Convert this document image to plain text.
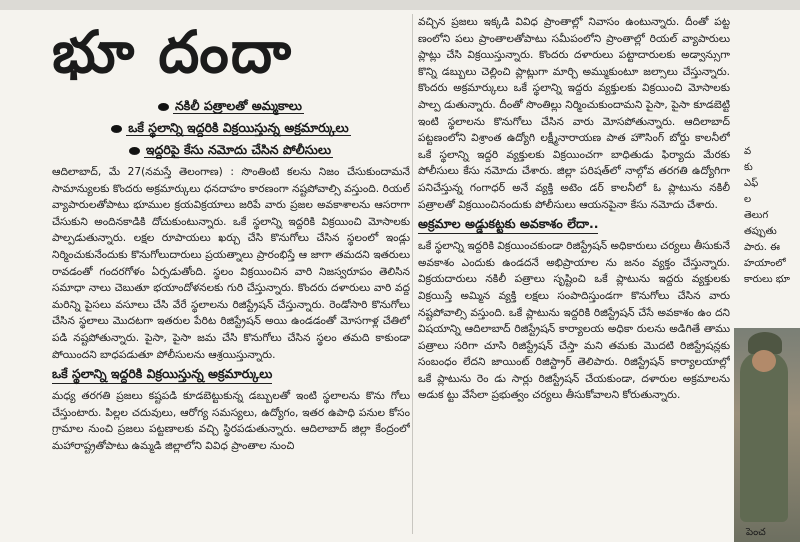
భూ దందా
నకిలీ పత్రాలతో అమ్మకాలు
ఒకే స్థలాన్ని ఇద్దరికి విక్రయిస్తున్న అక్రమార్కులు
ఇద్దరిపై కేసు నమోదు చేసిన పోలీసులు

ఆదిలాబాద్‌, మే 27(నమస్తే తెలంగాణ) : సొంతింటి కలను నిజం చేసుకుందామనే సామాన్యులకు కొందరు అక్రమార్కులు ధనదాహం కారణంగా నష్టపోవాల్సి వస్తుంది. రియల్‌ వ్యాపారులతోపాటు భూముల క్రయవిక్రయాలు జరిపే వారు ప్రజల అవకాశాలను ఆసరాగా చేసుకుని అందినకాడికి దోచుకుంటున్నారు. ఒకే స్థలాన్ని ఇద్దరికి విక్రయించి మోసాలకు పాల్పడుతున్నారు. లక్షల రూపాయలు ఖర్చు చేసి కొనుగోలు చేసిన స్థలంలో ఇండ్లు నిర్మించుకునేందుకు కొనుగోలుదారులు ప్రయత్నాలు ప్రారంభిస్తే ఆ జాగా తమదని ఇతరులు రావడంతో గందరగోళం ఏర్పడుతోంది. స్థలం విక్రయించిన వారి నిజస్వరూపం తెలిసిన సమాధా నాలు చెబుతూ భయాందోళనలకు గురి చేస్తున్నారు. కొందరు దళారులు వారి వద్ద మరిన్ని పైసలు వసూలు చేసి వేరే స్థలాలను రిజిస్ట్రేషన్‌ చేస్తున్నారు. రెండోసారి కొనుగోలు చేసిన స్థలాలు మొదటగా ఇతరుల పేరిట రిజిస్ట్రేషన్‌ అయి ఉండడంతో మోసగాళ్ల చేతిలో పడి నష్టపోతున్నారు. పైసా, పైసా జమ చేసి కొనుగోలు చేసిన స్థలం తమది కాకుండా పోయిందని బాధపడుతూ పోలీసులను ఆశ్రయిస్తున్నారు.

ఒకే స్థలాన్ని ఇద్దరికి విక్రయిస్తున్న అక్రమార్కులు

మధ్య తరగతి ప్రజలు కష్టపడి కూడబెట్టుకున్న డబ్బులతో ఇంటి స్థలాలను కొను గోలు చేస్తుంటారు. పిల్లల చదువులు, ఆరోగ్య సమస్యలు, ఉద్యోగం, ఇతర ఉపాధి పనుల కోసం గ్రామాల నుంచి ప్రజలు పట్టణాలకు వచ్చి స్థిరపడుతున్నారు. ఆదిలాబాద్‌ జిల్లా కేంద్రంలో మహారాష్ట్రతోపాటు ఉమ్మడి జిల్లాలోని వివిధ ప్రాంతాల నుంచి

వచ్చిన ప్రజలు ఇక్కడి వివిధ ప్రాంతాల్లో నివాసం ఉంటున్నారు. దీంతో పట్ట ణంలోని పలు ప్రాంతాలతోపాటు సమీపంలోని ప్రాంతాల్లో రియల్‌ వ్యాపారులు ప్లాట్లు చేసి విక్రయిస్తున్నారు. కొందరు దళారులు పట్టాదారులకు అడ్వాన్సుగా కొన్ని డబ్బులు చెల్లించి ప్లాట్లుగా మార్చి అమ్ముకుంటూ జల్సాలు చేస్తున్నారు. కొందరు అక్రమార్కులు ఒకే స్థలాన్ని ఇద్దరు వ్యక్తులకు విక్రయించి మోసాలకు పాల్ప డుతున్నారు. దీంతో సొంతిల్లు నిర్మించుకుందామని పైసా, పైసా కూడబెట్టి ఇంటి స్థలాలను కొనుగోలు చేసిన వారు మోసపోతున్నారు. ఆదిలాబాద్‌ పట్టణంలోని విశ్రాంత ఉద్యోగి లక్ష్మీనారాయణ పాత హౌసింగ్‌ బోర్డు కాలనీలో ఒకే స్థలాన్ని ఇద్దరి వ్యక్తులకు విక్రయించగా బాధితుడు ఫిర్యాదు మేరకు పోలీసులు కేసు నమోదు చేశారు. జిల్లా పరిషత్‌లో నాల్గోవ తరగతి ఉద్యోగిగా పనిచేస్తున్న గంగాధర్‌ అనే వ్యక్తి అటెం డర్‌ కాలనీలో ఓ ప్లాటును నకిలీ పత్రాలతో విక్రయించినందుకు పోలీసులు ఆయనపైనా కేసు నమోదు చేశారు.

అక్రమాల అడ్డుకట్టకు అవకాశం లేదా..

ఒకే స్థలాన్ని ఇద్దరికి విక్రయించకుండా రిజిస్ట్రేషన్‌ అధికారులు చర్యలు తీసుకునే అవకాశం ఎందుకు ఉండదనే అభిప్రాయాల ను జనం వ్యక్తం చేస్తున్నారు. విక్రయదారులు నకిలీ పత్రాలు సృష్టించి ఒకే ప్లాటును ఇద్దరు వ్యక్తులకు విక్రయిస్తే అమ్మిన వ్యక్తి లక్షలు సంపాదిస్తుండగా కొనుగోలు చేసిన వారు నష్టపోవాల్సి వస్తుంది. ఒకే ప్లాటును ఇద్దరికి రిజిస్ట్రేషన్‌ చేసే అవకాశం ఉం దని విషయాన్ని ఆదిలాబాద్‌ రిజిస్ట్రేషన్‌ కార్యాలయ అధికా రులను అడిగితే తాము పత్రాలు సరిగా చూసి రిజిస్ట్రేషన్‌ చేస్తా మని తమకు మొదటి రిజిస్ట్రేషన్లకు సంబంధం లేదని జాయింట్‌ రిజిస్ట్రార్‌ తెలిపారు. రిజిస్ట్రేషన్‌ కార్యాలయాల్లో ఒకే ప్లాటును రెం డు సార్లు రిజిస్ట్రేషన్‌ చేయకుండా, దళారుల అక్రమాలను అడుక ట్టు వేసేలా ప్రభుత్వం చర్యలు తీసుకోవాలని కోరుతున్నారు.

వ
కు
ఎఫ్
ల
తెలుగ
తప్పుతు
పారు. ఈ
హయాంలో
కారులు భూ
పెంచ
